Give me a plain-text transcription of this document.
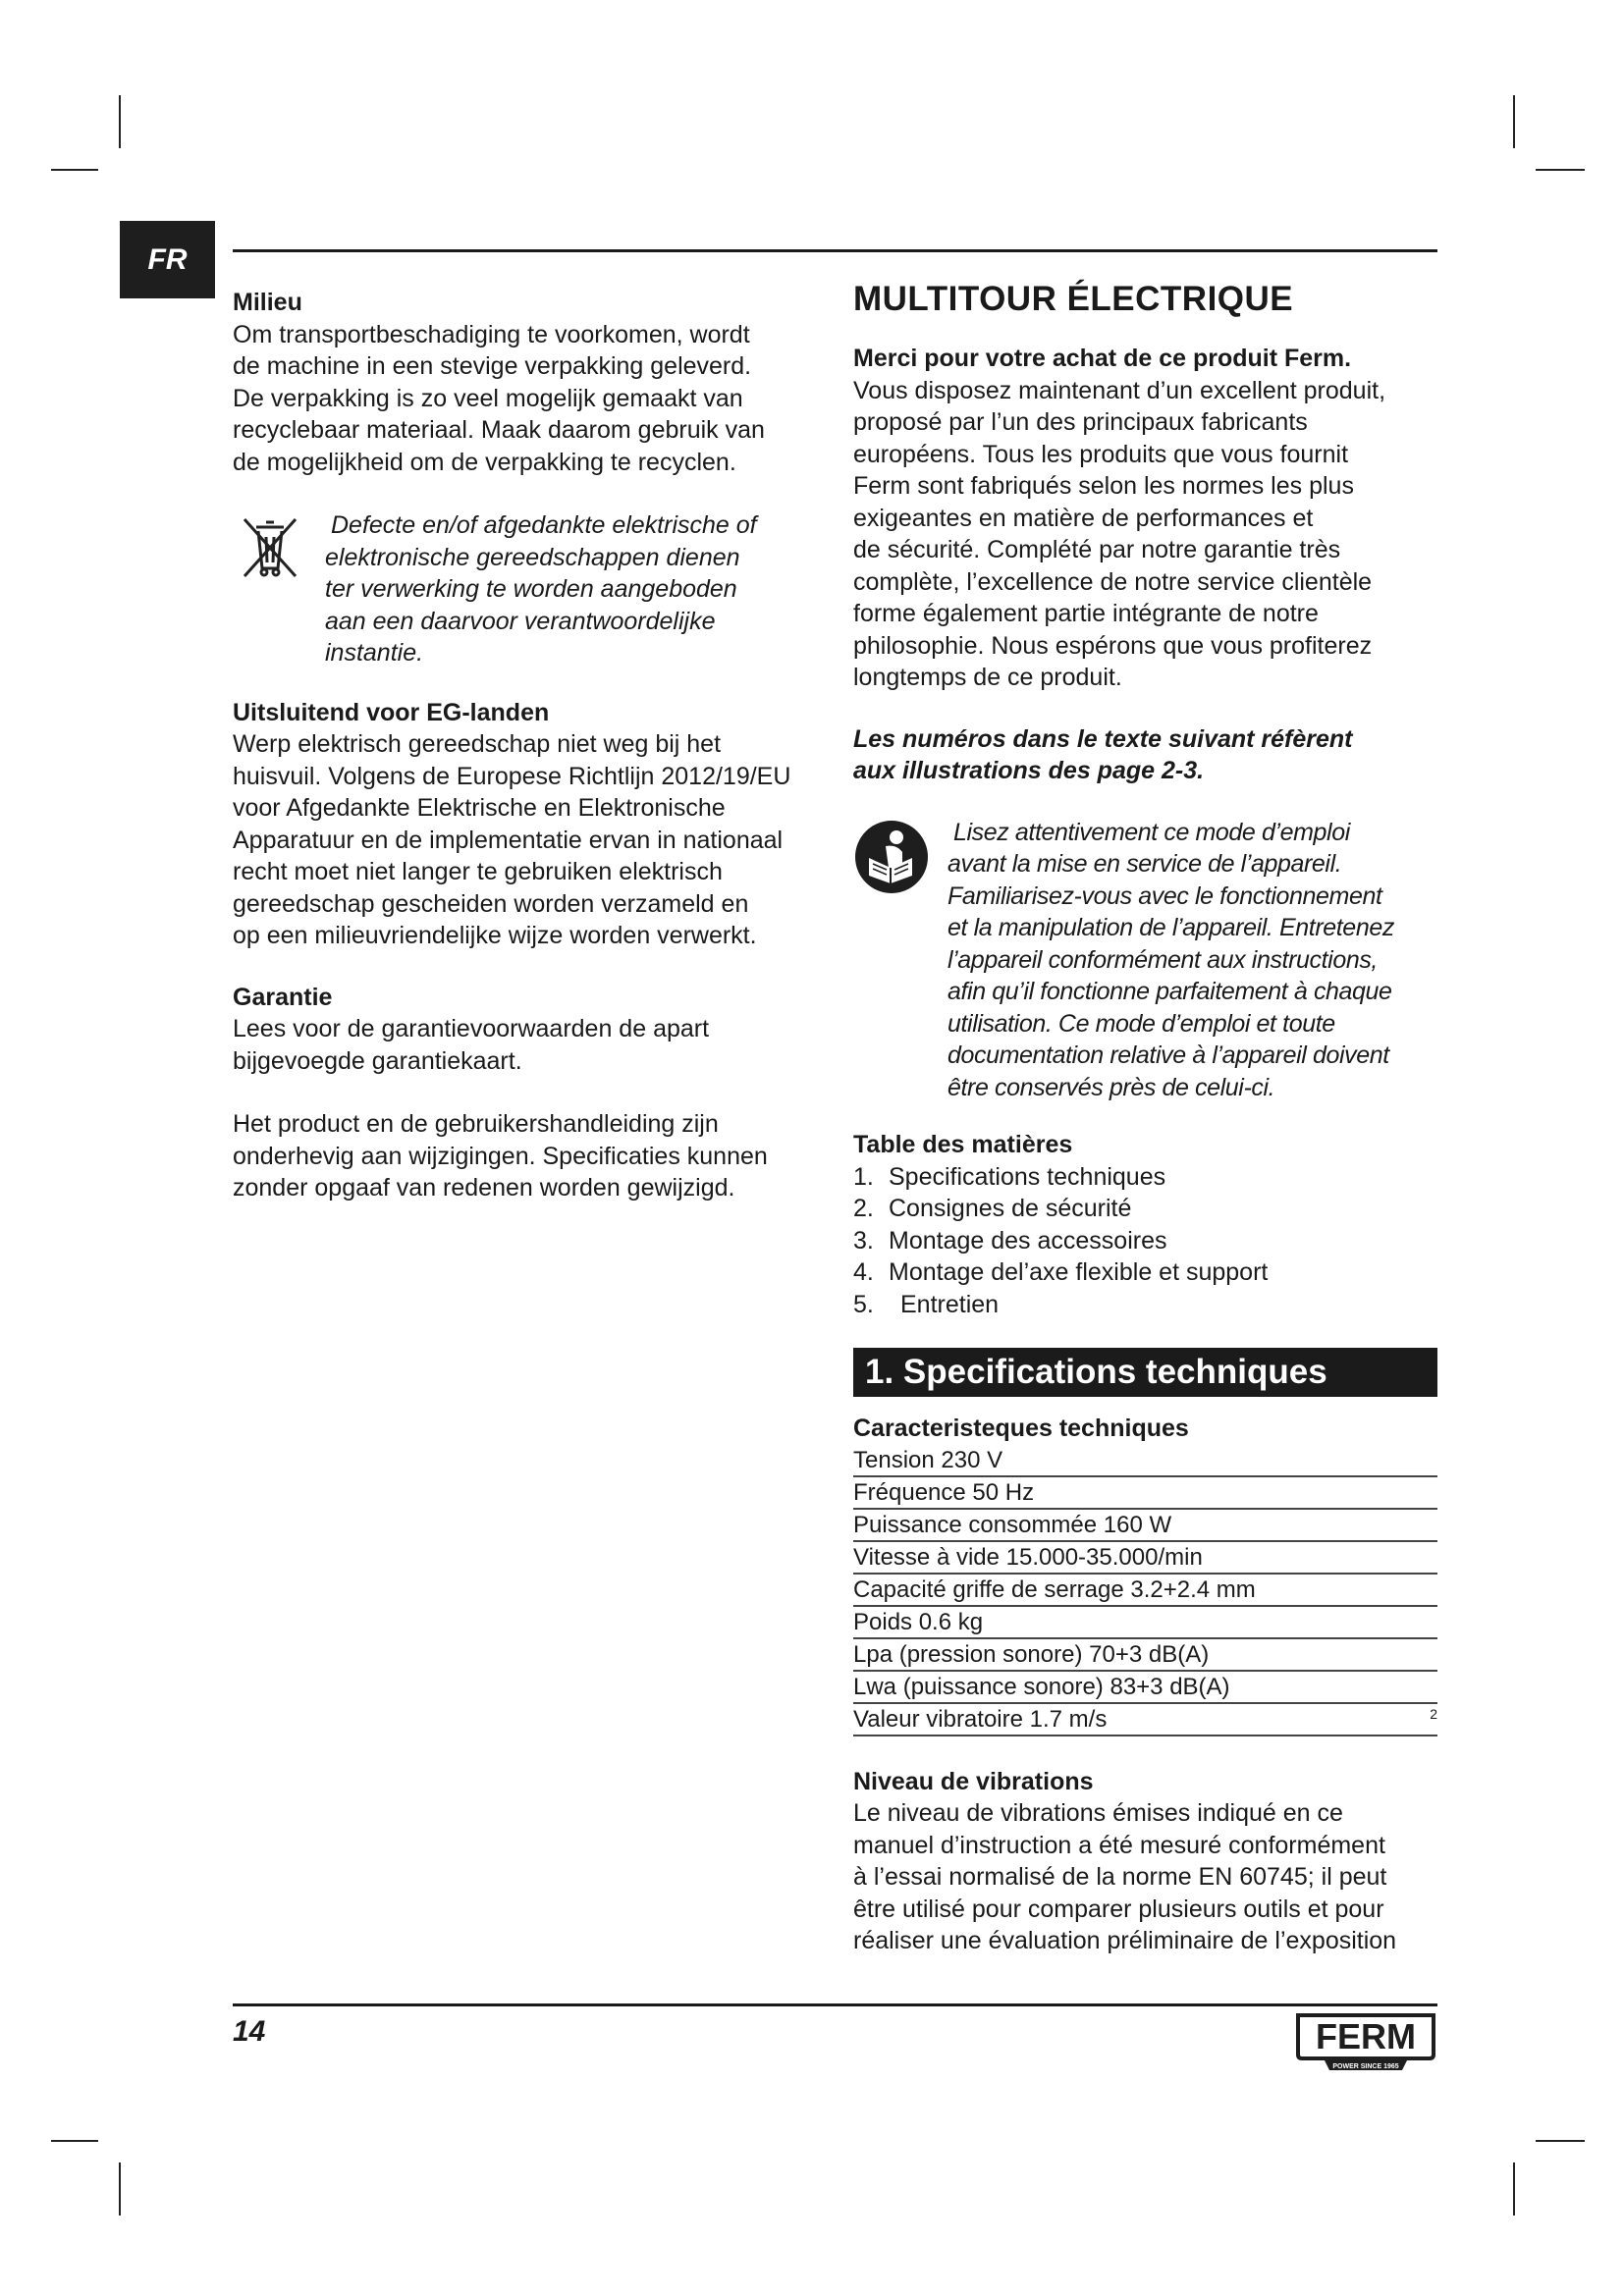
FR

Milieu

Om transportbeschadiging te voorkomen, wordt

de machine in een stevige verpakking geleverd.

De verpakking is zo veel mogelijk gemaakt van

recyclebaar materiaal. Maak daarom gebruik van

de mogelijkheid om de verpakking te recyclen.

Defecte en/of afgedankte elektrische of

elektronische gereedschappen dienen

ter verwerking te worden aangeboden

aan een daarvoor verantwoordelijke

instantie.

Uitsluitend voor EG-landen

Werp elektrisch gereedschap niet weg bij het

huisvuil. Volgens de Europese Richtlijn 2012/19/EU

voor Afgedankte Elektrische en Elektronische

Apparatuur en de implementatie ervan in nationaal

recht moet niet langer te gebruiken elektrisch

gereedschap gescheiden worden verzameld en

op een milieuvriendelijke wijze worden verwerkt.

Garantie

Lees voor de garantievoorwaarden de apart

bijgevoegde garantiekaart.

Het product en de gebruikershandleiding zijn

onderhevig aan wijzigingen. Specificaties kunnen

zonder opgaaf van redenen worden gewijzigd.

MULTITOUR ÉLECTRIQUE

Merci pour votre achat de ce produit Ferm.

Vous disposez maintenant d’un excellent produit,

proposé par l’un des principaux fabricants

européens. Tous les produits que vous fournit

Ferm sont fabriqués selon les normes les plus

exigeantes en matière de performances et

de sécurité. Complété par notre garantie très

complète, l’excellence de notre service clientèle

forme également partie intégrante de notre

philosophie. Nous espérons que vous profiterez

longtemps de ce produit.

Les numéros dans le texte suivant réfèrent

aux illustrations des page 2-3.

Lisez attentivement ce mode d’emploi

avant la mise en service de l’appareil.

Familiarisez-vous avec le fonctionnement

et la manipulation de l’appareil. Entretenez

l’appareil conformément aux instructions,

afin qu’il fonctionne parfaitement à chaque

utilisation. Ce mode d’emploi et toute

documentation relative à l’appareil doivent

être conservés près de celui-ci.

Table des matières

1. Specifications techniques
2. Consignes de sécurité
3. Montage des accessoires
4. Montage del’axe flexible et support
5.	Entretien
1. Specifications techniques

Caracteristeques techniques

Tension 230 V
Fréquence 50 Hz
Puissance consommée 160 W
Vitesse à vide 15.000-35.000/min
Capacité griffe de serrage 3.2+2.4 mm
Poids 0.6 kg
Lpa (pression sonore) 70+3 dB(A)
Lwa (puissance sonore) 83+3 dB(A)
Valeur vibratoire 1.7 m/s	2

Niveau de vibrations

Le niveau de vibrations émises indiqué en ce

manuel d’instruction a été mesuré conformément

à l’essai normalisé de la norme EN 60745; il peut

être utilisé pour comparer plusieurs outils et pour

réaliser une évaluation préliminaire de l’exposition

14	FERM
POWER SINCE 1965
